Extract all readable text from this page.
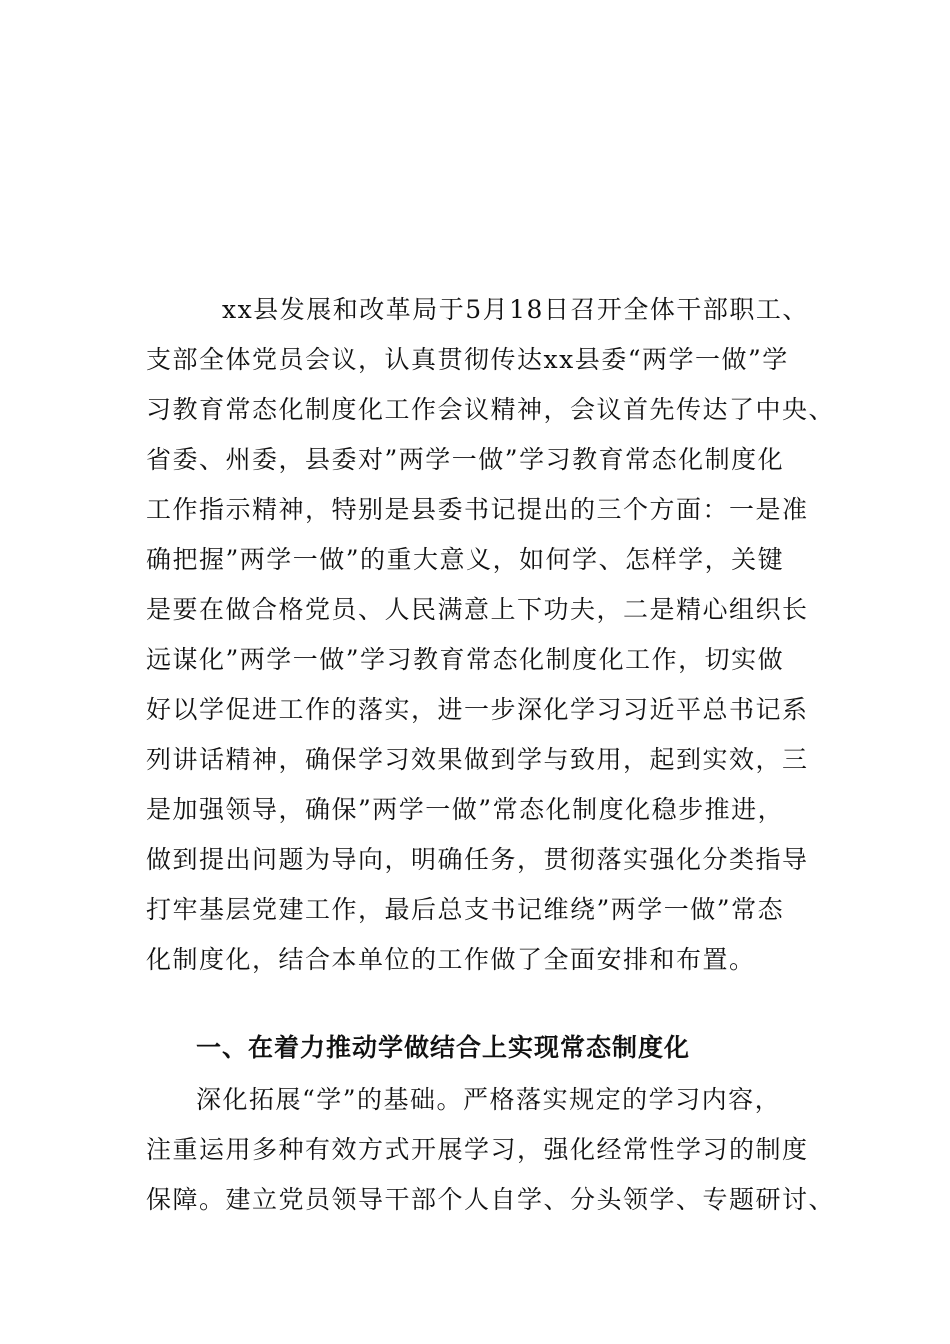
xx县发展和改革局于5月18日召开全体干部职工、
支部全体党员会议，认真贯彻传达xx县委“两学一做”学
习教育常态化制度化工作会议精神，会议首先传达了中央、
省委、州委，县委对”两学一做”学习教育常态化制度化
工作指示精神，特别是县委书记提出的三个方面：一是准
确把握”两学一做”的重大意义，如何学、怎样学，关键
是要在做合格党员、人民满意上下功夫，二是精心组织长
远谋化”两学一做”学习教育常态化制度化工作，切实做
好以学促进工作的落实，进一步深化学习习近平总书记系
列讲话精神，确保学习效果做到学与致用，起到实效，三
是加强领导，确保”两学一做”常态化制度化稳步推进，
做到提出问题为导向，明确任务，贯彻落实强化分类指导
打牢基层党建工作，最后总支书记维绕”两学一做”常态
化制度化，结合本单位的工作做了全面安排和布置。
一、在着力推动学做结合上实现常态制度化
深化拓展“学”的基础。严格落实规定的学习内容，
注重运用多种有效方式开展学习，强化经常性学习的制度
保障。建立党员领导干部个人自学、分头领学、专题研讨、
